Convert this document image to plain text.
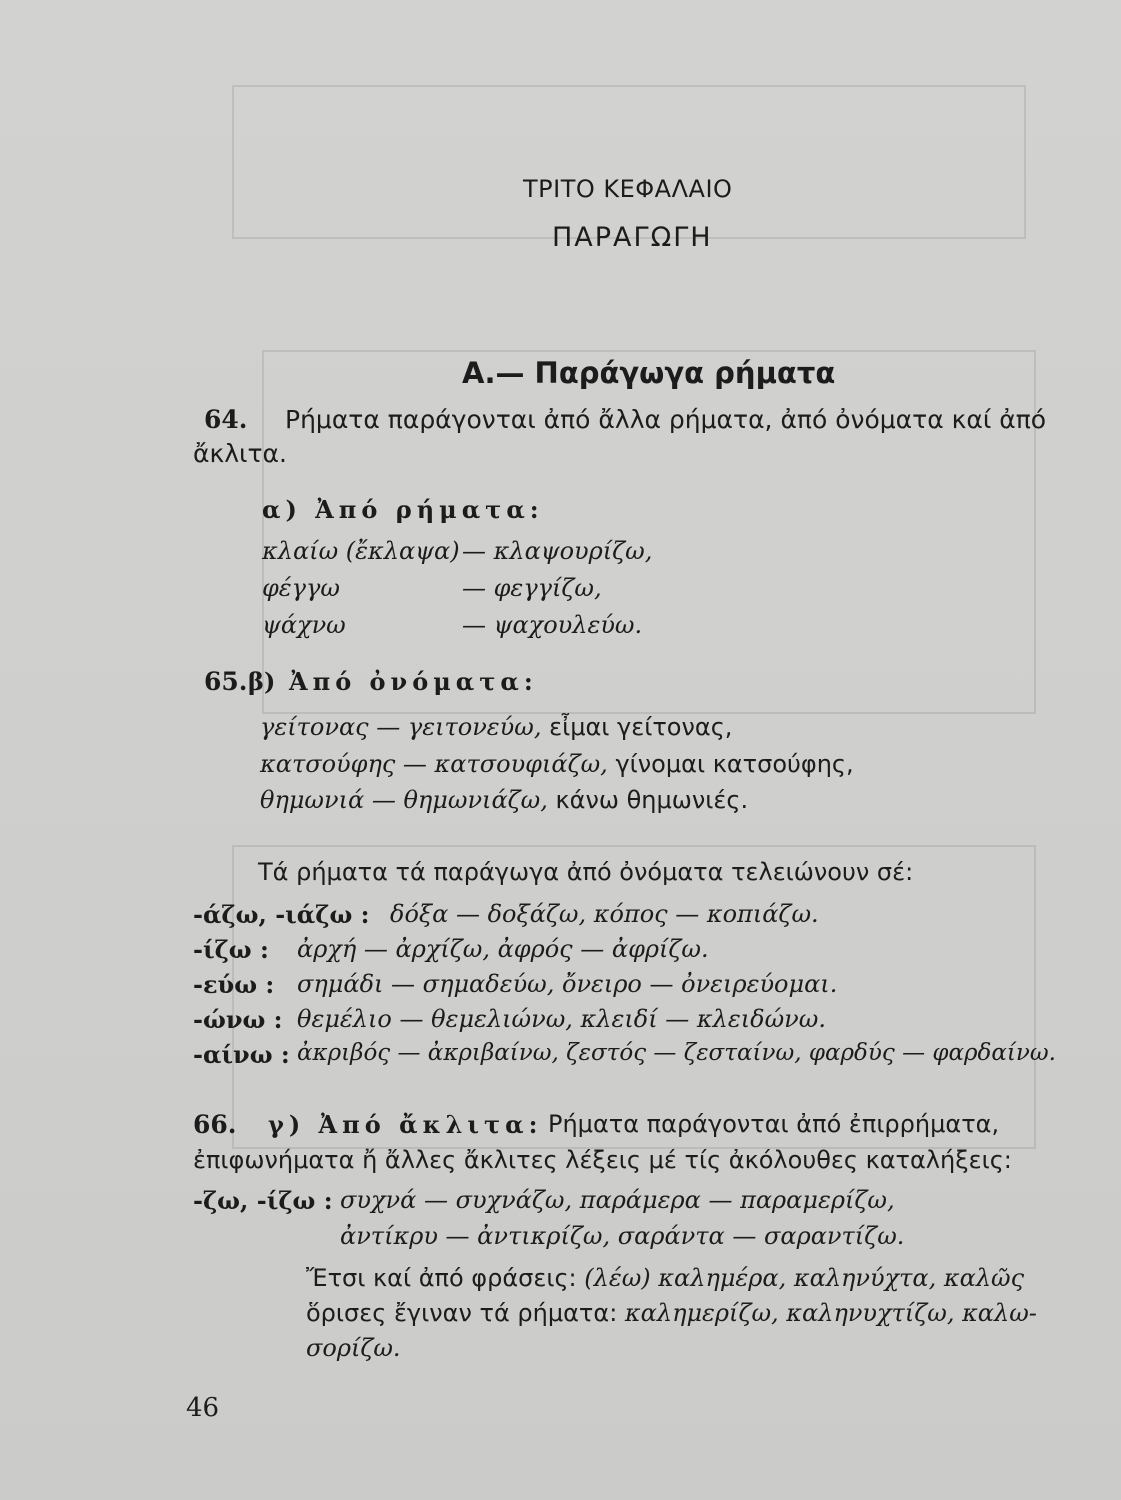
ΤΡΙΤΟ ΚΕΦΑΛΑΙΟ
ΠΑΡΑΓΩΓΗ
Α.— Παράγωγα ρήματα
64. Ρήματα παράγονται ἀπό ἄλλα ρήματα, ἀπό ὀνόματα καί ἀπό
ἄκλιτα.
α) Ἀπό ρήματα:
κλαίω (ἔκλαψα) — κλαψουρίζω,
φέγγω	— φεγγίζω,
ψάχνω	— ψαχουλεύω.
65. β) Ἀπό ὀνόματα:
γείτονας — γειτονεύω, εἶμαι γείτονας,
κατσούφης — κατσουφιάζω, γίνομαι κατσούφης,
θημωνιά — θημωνιάζω, κάνω θημωνιές.
Τά ρήματα τά παράγωγα ἀπό ὀνόματα τελειώνουν σέ:
-άζω, -ιάζω : δόξα — δοξάζω, κόπος — κοπιάζω.
-ίζω : ἀρχή — ἀρχίζω, ἀφρός — ἀφρίζω.
-εύω : σημάδι — σημαδεύω, ὄνειρο — ὀνειρεύομαι.
-ώνω : θεμέλιο — θεμελιώνω, κλειδί — κλειδώνω.
-αίνω : ἀκριβός — ἀκριβαίνω, ζεστός — ζεσταίνω, φαρδύς — φαρδαίνω.
66. γ) Ἀπό ἄκλιτα: Ρήματα παράγονται ἀπό ἐπιρρήματα,
ἐπιφωνήματα ἤ ἄλλες ἄκλιτες λέξεις μέ τίς ἀκόλουθες καταλήξεις:
-ζω, -ίζω : συχνά — συχνάζω, παράμερα — παραμερίζω,
ἀντίκρυ — ἀντικρίζω, σαράντα — σαραντίζω.
Ἔτσι καί ἀπό φράσεις: (λέω) καλημέρα, καληνύχτα, καλῶς
ὅρισες ἔγιναν τά ρήματα: καλημερίζω, καληνυχτίζω, καλω-
σορίζω.
46
